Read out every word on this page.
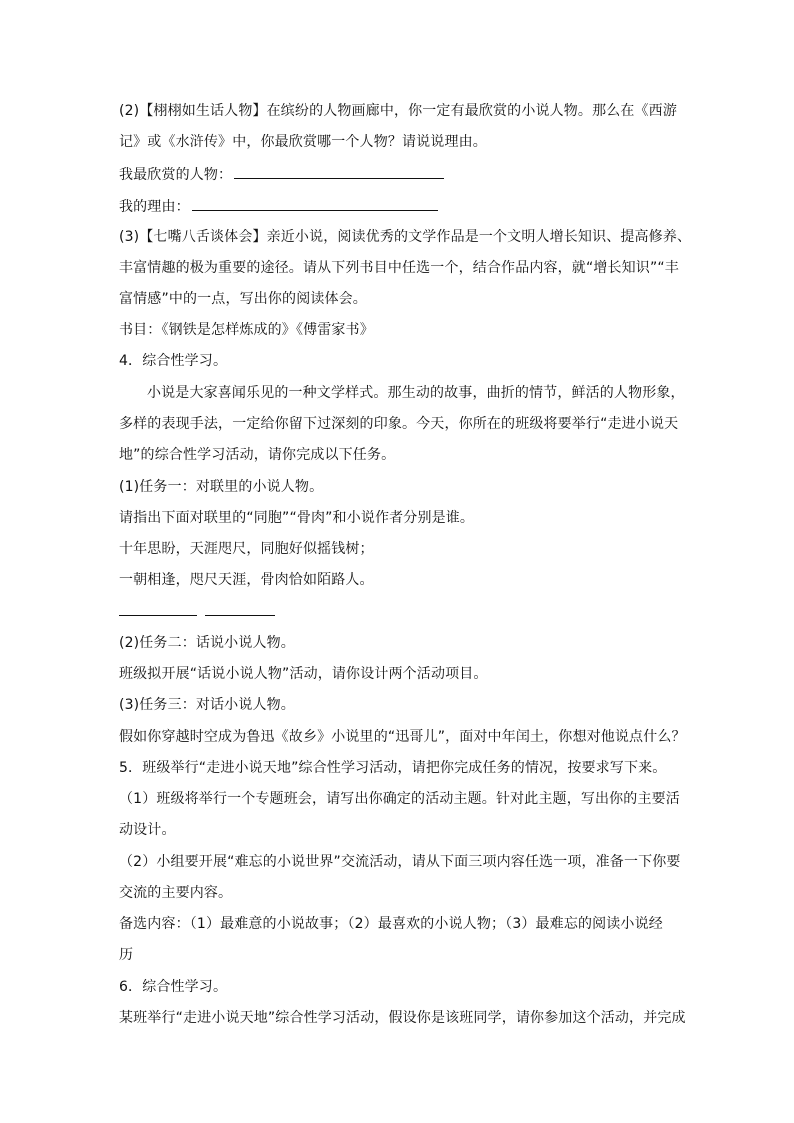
(2)【栩栩如生话人物】在缤纷的人物画廊中，你一定有最欣赏的小说人物。那么在《西游
记》或《水浒传》中，你最欣赏哪一个人物？请说说理由。
我最欣赏的人物：
我的理由：
(3)【七嘴八舌谈体会】亲近小说，阅读优秀的文学作品是一个文明人增长知识、提高修养、
丰富情趣的极为重要的途径。请从下列书目中任选一个，结合作品内容，就“增长知识”“丰
富情感”中的一点，写出你的阅读体会。
书目：《钢铁是怎样炼成的》《傅雷家书》
4．综合性学习。
小说是大家喜闻乐见的一种文学样式。那生动的故事，曲折的情节，鲜活的人物形象，
多样的表现手法，一定给你留下过深刻的印象。今天，你所在的班级将要举行“走进小说天
地”的综合性学习活动，请你完成以下任务。
(1)任务一：对联里的小说人物。
请指出下面对联里的“同胞”“骨肉”和小说作者分别是谁。
十年思盼，天涯咫尺，同胞好似摇钱树；
一朝相逢，咫尺天涯，骨肉恰如陌路人。
(2)任务二：话说小说人物。
班级拟开展“话说小说人物”活动，请你设计两个活动项目。
(3)任务三：对话小说人物。
假如你穿越时空成为鲁迅《故乡》小说里的“迅哥儿”，面对中年闰土，你想对他说点什么？
5．班级举行“走进小说天地”综合性学习活动，请把你完成任务的情况，按要求写下来。
（1）班级将举行一个专题班会，请写出你确定的活动主题。针对此主题，写出你的主要活
动设计。
（2）小组要开展“难忘的小说世界”交流活动，请从下面三项内容任选一项，准备一下你要
交流的主要内容。
备选内容：（1）最难意的小说故事；（2）最喜欢的小说人物；（3）最难忘的阅读小说经
历
6．综合性学习。
某班举行“走进小说天地”综合性学习活动，假设你是该班同学，请你参加这个活动，并完成
